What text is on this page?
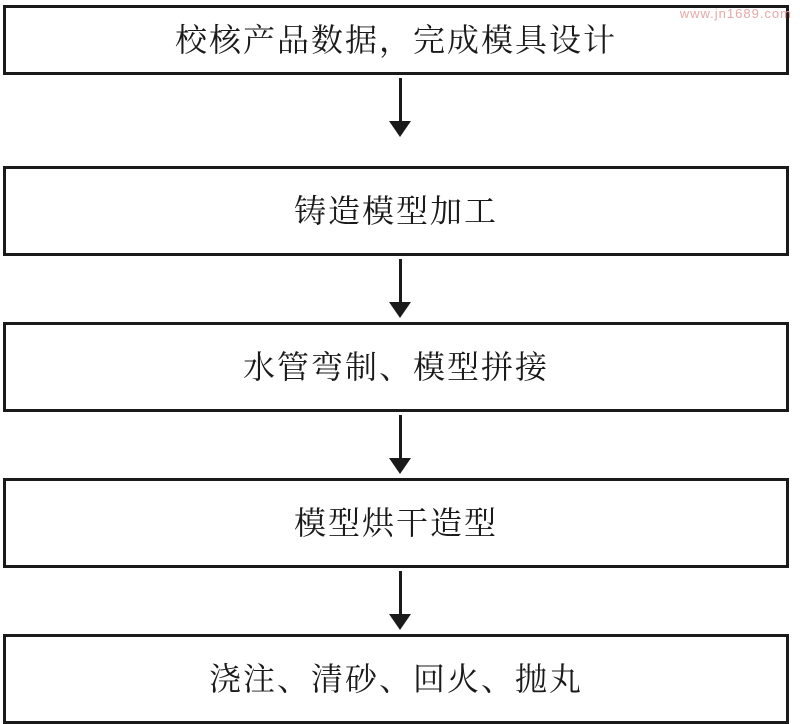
www.jn1689.com
校核产品数据，完成模具设计
铸造模型加工
水管弯制、模型拼接
模型烘干造型
浇注、清砂、回火、抛丸
